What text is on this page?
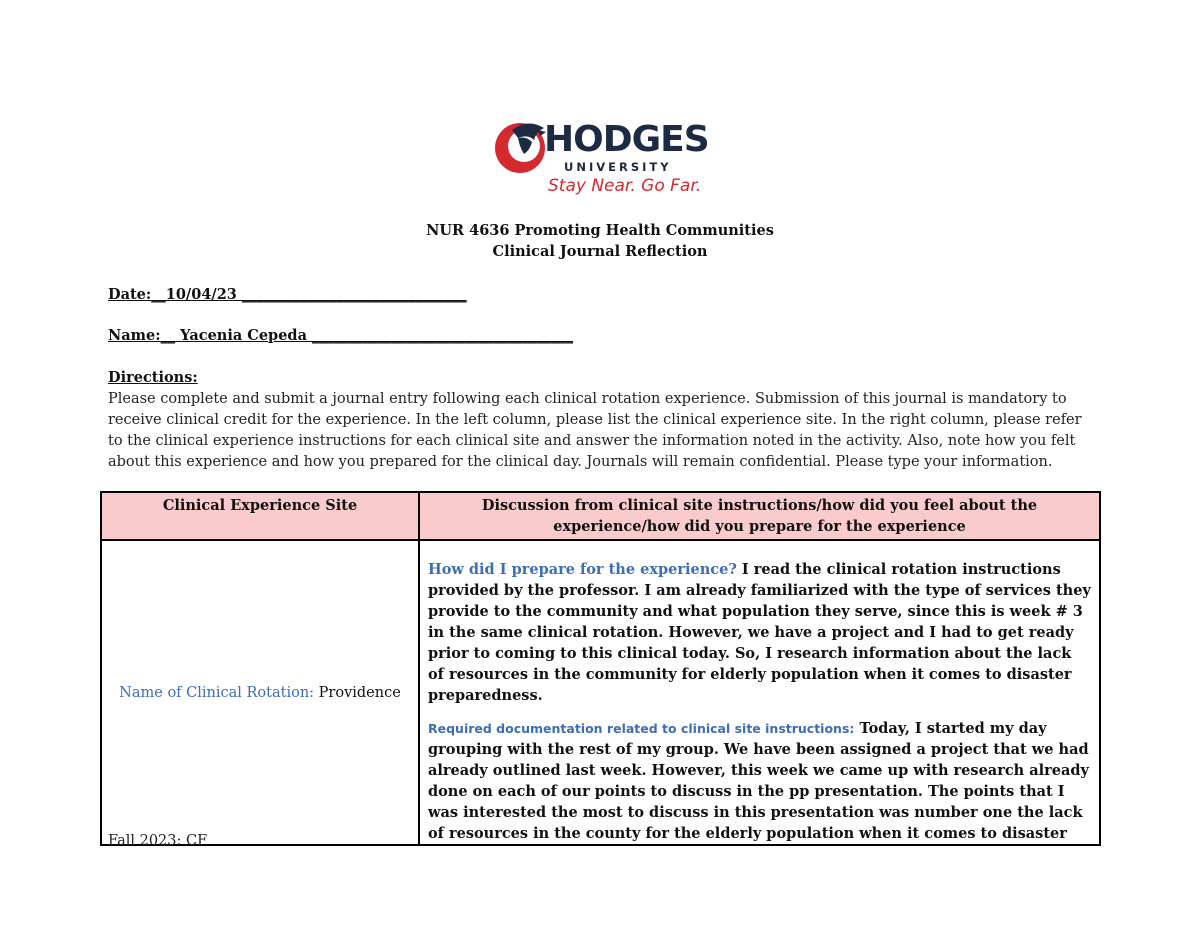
HODGES
UNIVERSITY
Stay Near. Go Far.
NUR 4636 Promoting Health Communities
Clinical Journal Reflection
Date:__10/04/23 _______________________________
Name:__ Yacenia Cepeda ____________________________________
Directions:

Please complete and submit a journal entry following each clinical rotation experience. Submission of this journal is mandatory to receive clinical credit for the experience. In the left column, please list the clinical experience site. In the right column, please refer to the clinical experience instructions for each clinical site and answer the information noted in the activity. Also, note how you felt about this experience and how you prepared for the clinical day. Journals will remain confidential. Please type your information.

Clinical Experience Site	Discussion from clinical site instructions/how did you feel about the experience/how did you prepare for the experience
Name of Clinical Rotation: Providence	How did I prepare for the experience? I read the clinical rotation instructions provided by the professor. I am already familiarized with the type of services they provide to the community and what population they serve, since this is week # 3 in the same clinical rotation. However, we have a project and I had to get ready prior to coming to this clinical today. So, I research information about the lack of resources in the community for elderly population when it comes to disaster preparedness.

Required documentation related to clinical site instructions: Today, I started my day grouping with the rest of my group. We have been assigned a project that we had already outlined last week. However, this week we came up with research already done on each of our points to discuss in the pp presentation. The points that I was interested the most to discuss in this presentation was number one the lack of resources in the county for the elderly population when it comes to disaster

Fall 2023: CF
